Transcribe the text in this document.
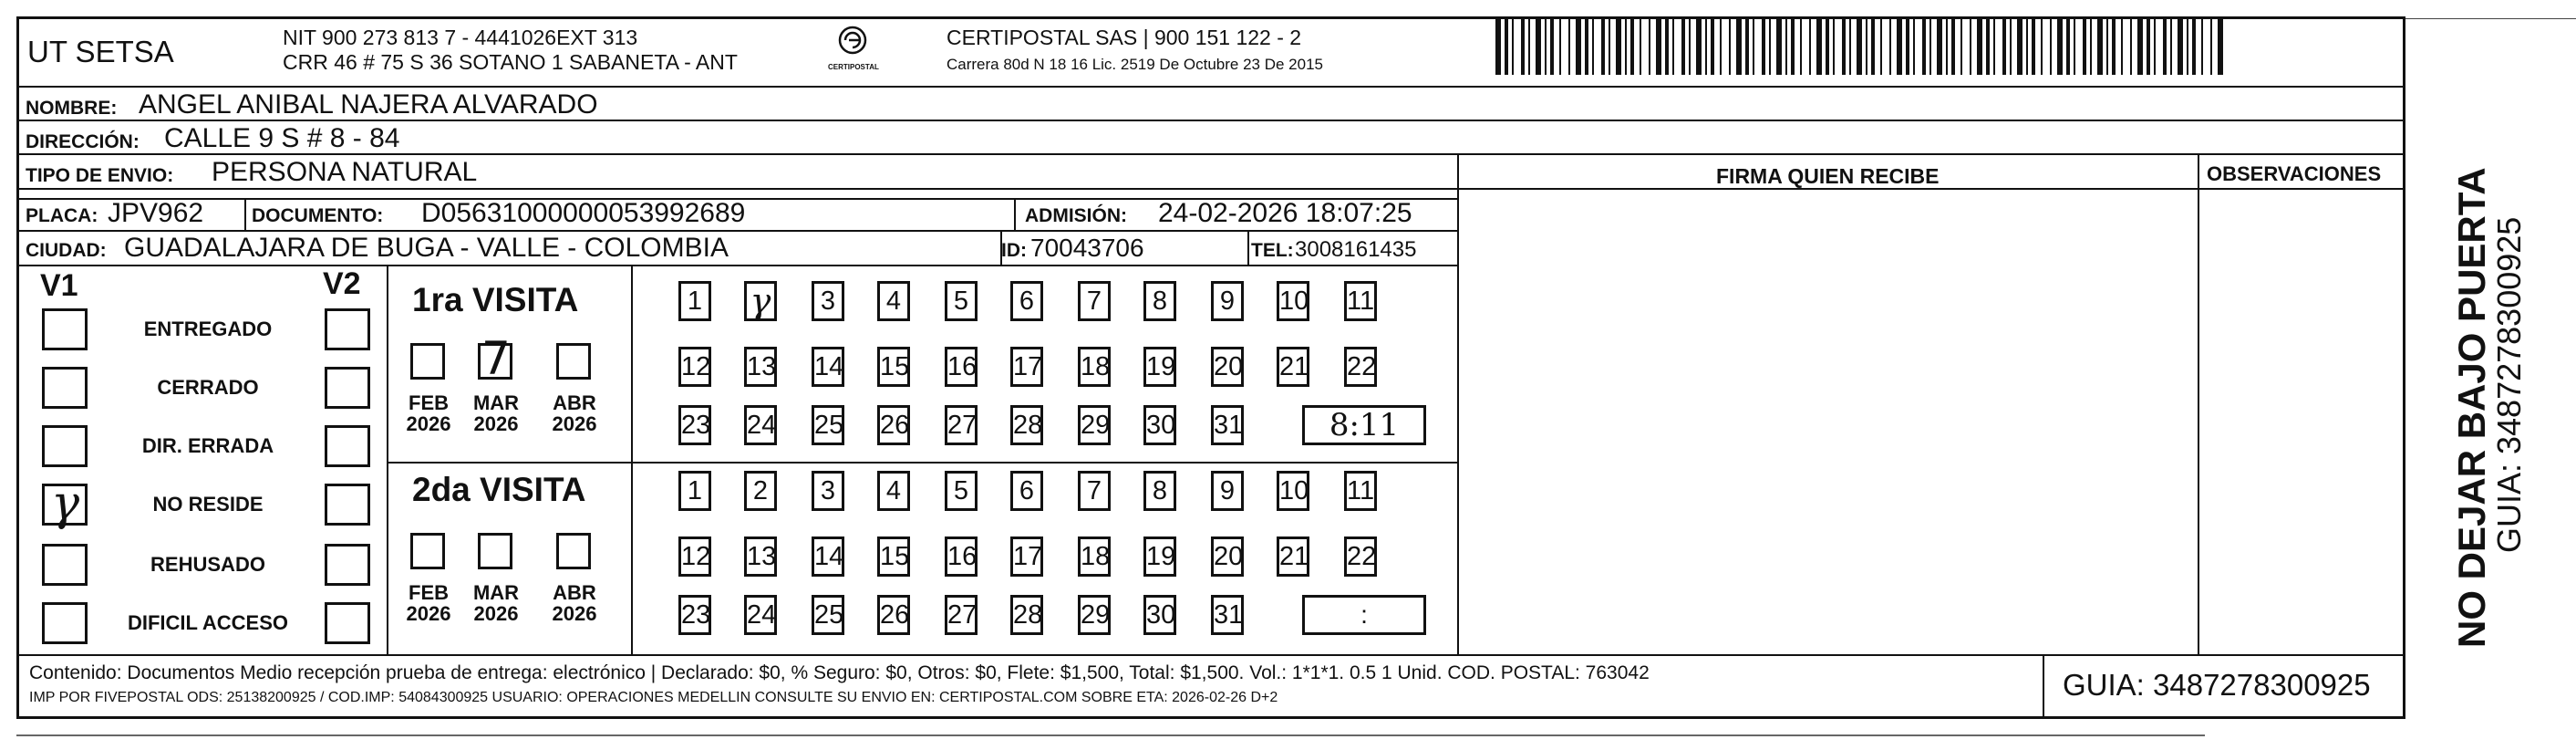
UT SETSA	NIT 900 273 813 7 - 4441026EXT 313
CRR 46 # 75 S 36 SOTANO 1 SABANETA - ANT	CERTIPOSTAL
CERTIPOSTAL SAS | 900 151 122 - 2
Carrera 80d N 18 16 Lic. 2519 De Octubre 23 De 2015
NOMBRE: ANGEL ANIBAL NAJERA ALVARADO
DIRECCIÓN: CALLE 9 S # 8 - 84
TIPO DE ENVIO: PERSONA NATURAL	FIRMA QUIEN RECIBE	OBSERVACIONES
PLACA: JPV962	DOCUMENTO: D05631000000053992689	ADMISIÓN: 24-02-2026 18:07:25
CIUDAD: GUADALAJARA DE BUGA - VALLE - COLOMBIA	ID: 70043706	TEL: 3008161435
V1	V2
ENTREGADO
CERRADO
DIR. ERRADA
γ	NO RESIDE
REHUSADO
DIFICIL ACCESO
1ra VISITA
2da VISITA
FEB
2026
MAR
2026
ABR
2026
7
1 γ	3	4	5	6	7	8	9	10 11
12 13 14 15 16 17 18 19 20 21 22
23 24 25 26 27 28 29 30 31	8:11
FEB
2026
MAR
2026
ABR
2026
1	2	3	4	5	6	7	8	9	10 11
12 13 14 15 16 17 18 19 20 21 22
23 24 25 26 27 28 29 30 31	:
Contenido: Documentos Medio recepción prueba de entrega: electrónico | Declarado: $0, % Seguro: $0, Otros: $0, Flete: $1,500, Total: $1,500. Vol.: 1*1*1. 0.5 1 Unid. COD. POSTAL: 763042
IMP POR FIVEPOSTAL ODS: 25138200925 / COD.IMP: 54084300925 USUARIO: OPERACIONES MEDELLIN CONSULTE SU ENVIO EN: CERTIPOSTAL.COM SOBRE ETA: 2026-02-26 D+2	GUIA: 3487278300925
NO DEJAR BAJO PUERTA
GUIA: 3487278300925
